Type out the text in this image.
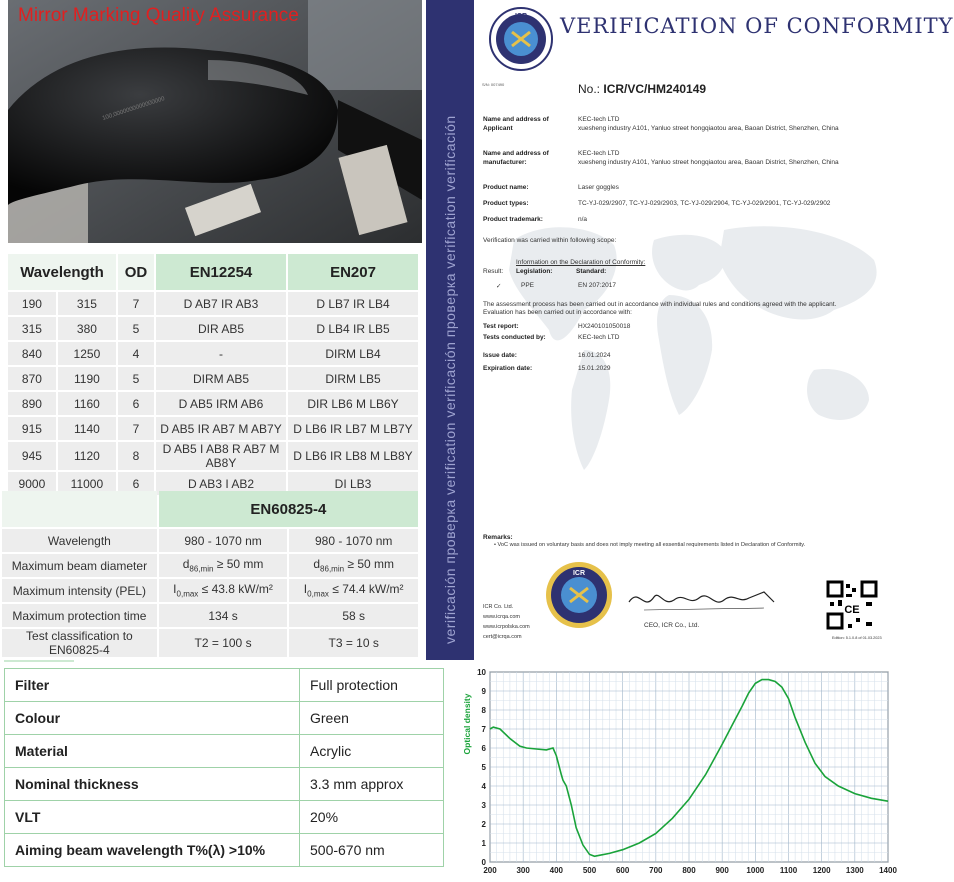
100,0000000000000000
Mirror Marking Quality Assurance
Wavelength		OD	EN12254	EN207
190	315	7	D AB7 IR AB3	D LB7 IR LB4
315	380	5	DIR AB5	D LB4 IR LB5
840	1250	4	-	DIRM LB4
870	1190	5	DIRM AB5	DIRM LB5
890	1160	6	D AB5 IRM AB6	DIR LB6 M LB6Y
915	1140	7	D AB5 IR AB7 M AB7Y	D LB6 IR LB7 M LB7Y
945	1120	8	D AB5 I AB8 R AB7 M AB8Y	D LB6 IR LB8 M LB8Y
9000	11000	6	D AB3 I AB2	DI LB3
	EN60825-4	
Wavelength	980 - 1070 nm	980 - 1070 nm
Maximum beam diameter	$d_{86,min} \ge 50$ mm	$d_{86,min} \ge 50$ mm
Maximum intensity (PEL)	$I_{0,max} \le 43.8$ kW/m²	$I_{0,max} \le 74.4$ kW/m²
Maximum protection time	134 s	58 s
Test classification to EN60825-4	T2 = 100 s	T3 = 10 s
Filter	Full protection
Colour	Green
Material	Acrylic
Nominal thickness	3.3 mm approx
VLT	20%
Aiming beam wavelength T%(λ) >10%	500-670 nm
verificación проверка verification verificación проверка verification verificación
ICR VERIFICATION OF CONFORMITY
S/N: 007490	No.: ICR/VC/HM240149
Name and address of
Applicant
KEC-tech LTD
xuesheng industry A101, Yanluo street hongqiaotou area, Baoan District, Shenzhen, China
Name and address of
manufacturer:
KEC-tech LTD
xuesheng industry A101, Yanluo street hongqiaotou area, Baoan District, Shenzhen, China
Product name:	Laser goggles
Product types:	TC-YJ-029/2907, TC-YJ-029/2903, TC-YJ-029/2904, TC-YJ-029/2901, TC-YJ-029/2902
Product trademark:	n/a
Verification was carried within following scope:
Information on the Declaration of Conformity:
Result: Legislation:	Standard:
✓	PPE	EN 207:2017
The assessment process has been carried out in accordance with individual rules and conditions agreed with the applicant.
Evaluation has been carried out in accordance with:
Test report:	HX240101050018
Tests conducted by:	KEC-tech LTD
Issue date:	16.01.2024
Expiration date:	15.01.2029
Remarks:
• VoC was issued on voluntary basis and does not imply meeting all essential requirements listed in Declaration of Conformity.
ICR
CEO, ICR Co., Ltd.
ICR Co. Ltd.
www.icrqa.com
www.icrpolska.com
cert@icrqa.com
CE
Edition: 5.1.0.8 of 01.03.2023
0
1
2
3
4
5
6
7
8
9
10
200 300 400 500 600 700 800 900 1000 1100 1200 1300 1400
Optical density
